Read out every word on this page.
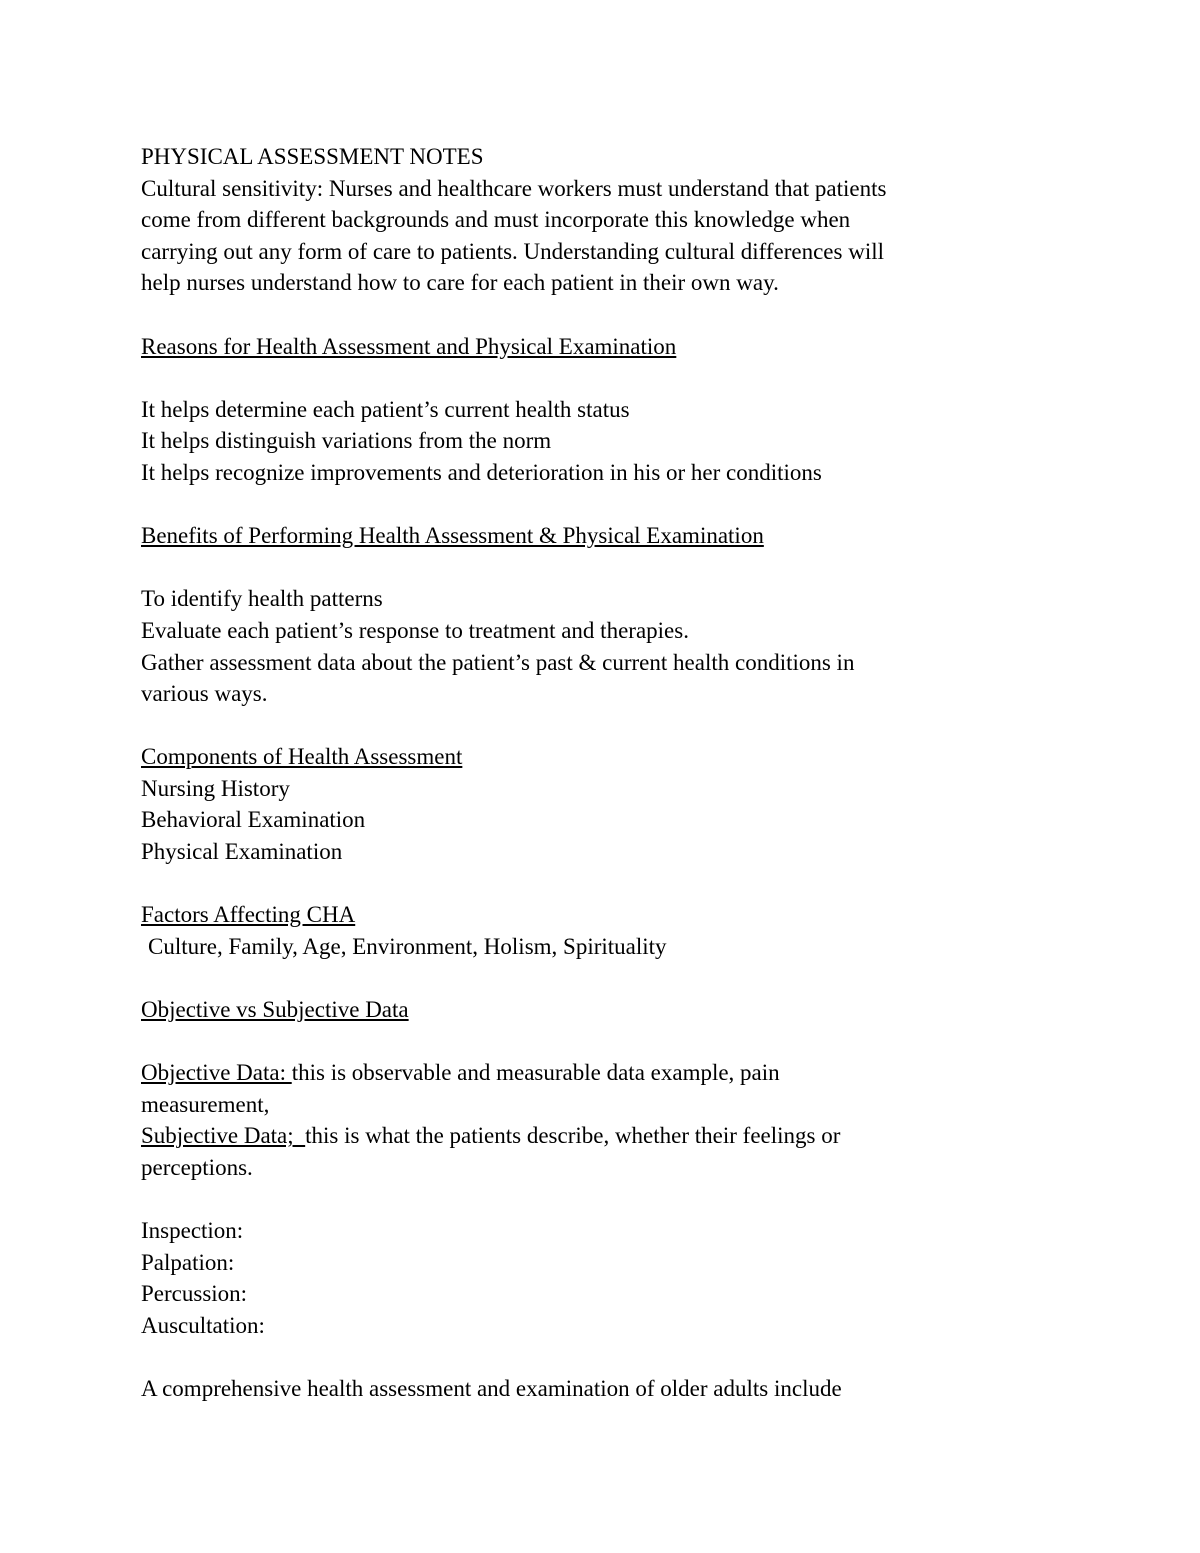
PHYSICAL ASSESSMENT NOTES
Cultural sensitivity: Nurses and healthcare workers must understand that patients
come from different backgrounds and must incorporate this knowledge when
carrying out any form of care to patients. Understanding cultural differences will
help nurses understand how to care for each patient in their own way.
Reasons for Health Assessment and Physical Examination
It helps determine each patient’s current health status
It helps distinguish variations from the norm
It helps recognize improvements and deterioration in his or her conditions
Benefits of Performing Health Assessment & Physical Examination
To identify health patterns
Evaluate each patient’s response to treatment and therapies.
Gather assessment data about the patient’s past & current health conditions in
various ways.
Components of Health Assessment
Nursing History
Behavioral Examination
Physical Examination
Factors Affecting CHA
Culture, Family, Age, Environment, Holism, Spirituality
Objective vs Subjective Data
Objective Data: this is observable and measurable data example, pain
measurement,
Subjective Data;  this is what the patients describe, whether their feelings or
perceptions.
Inspection:
Palpation:
Percussion:
Auscultation:
A comprehensive health assessment and examination of older adults include
